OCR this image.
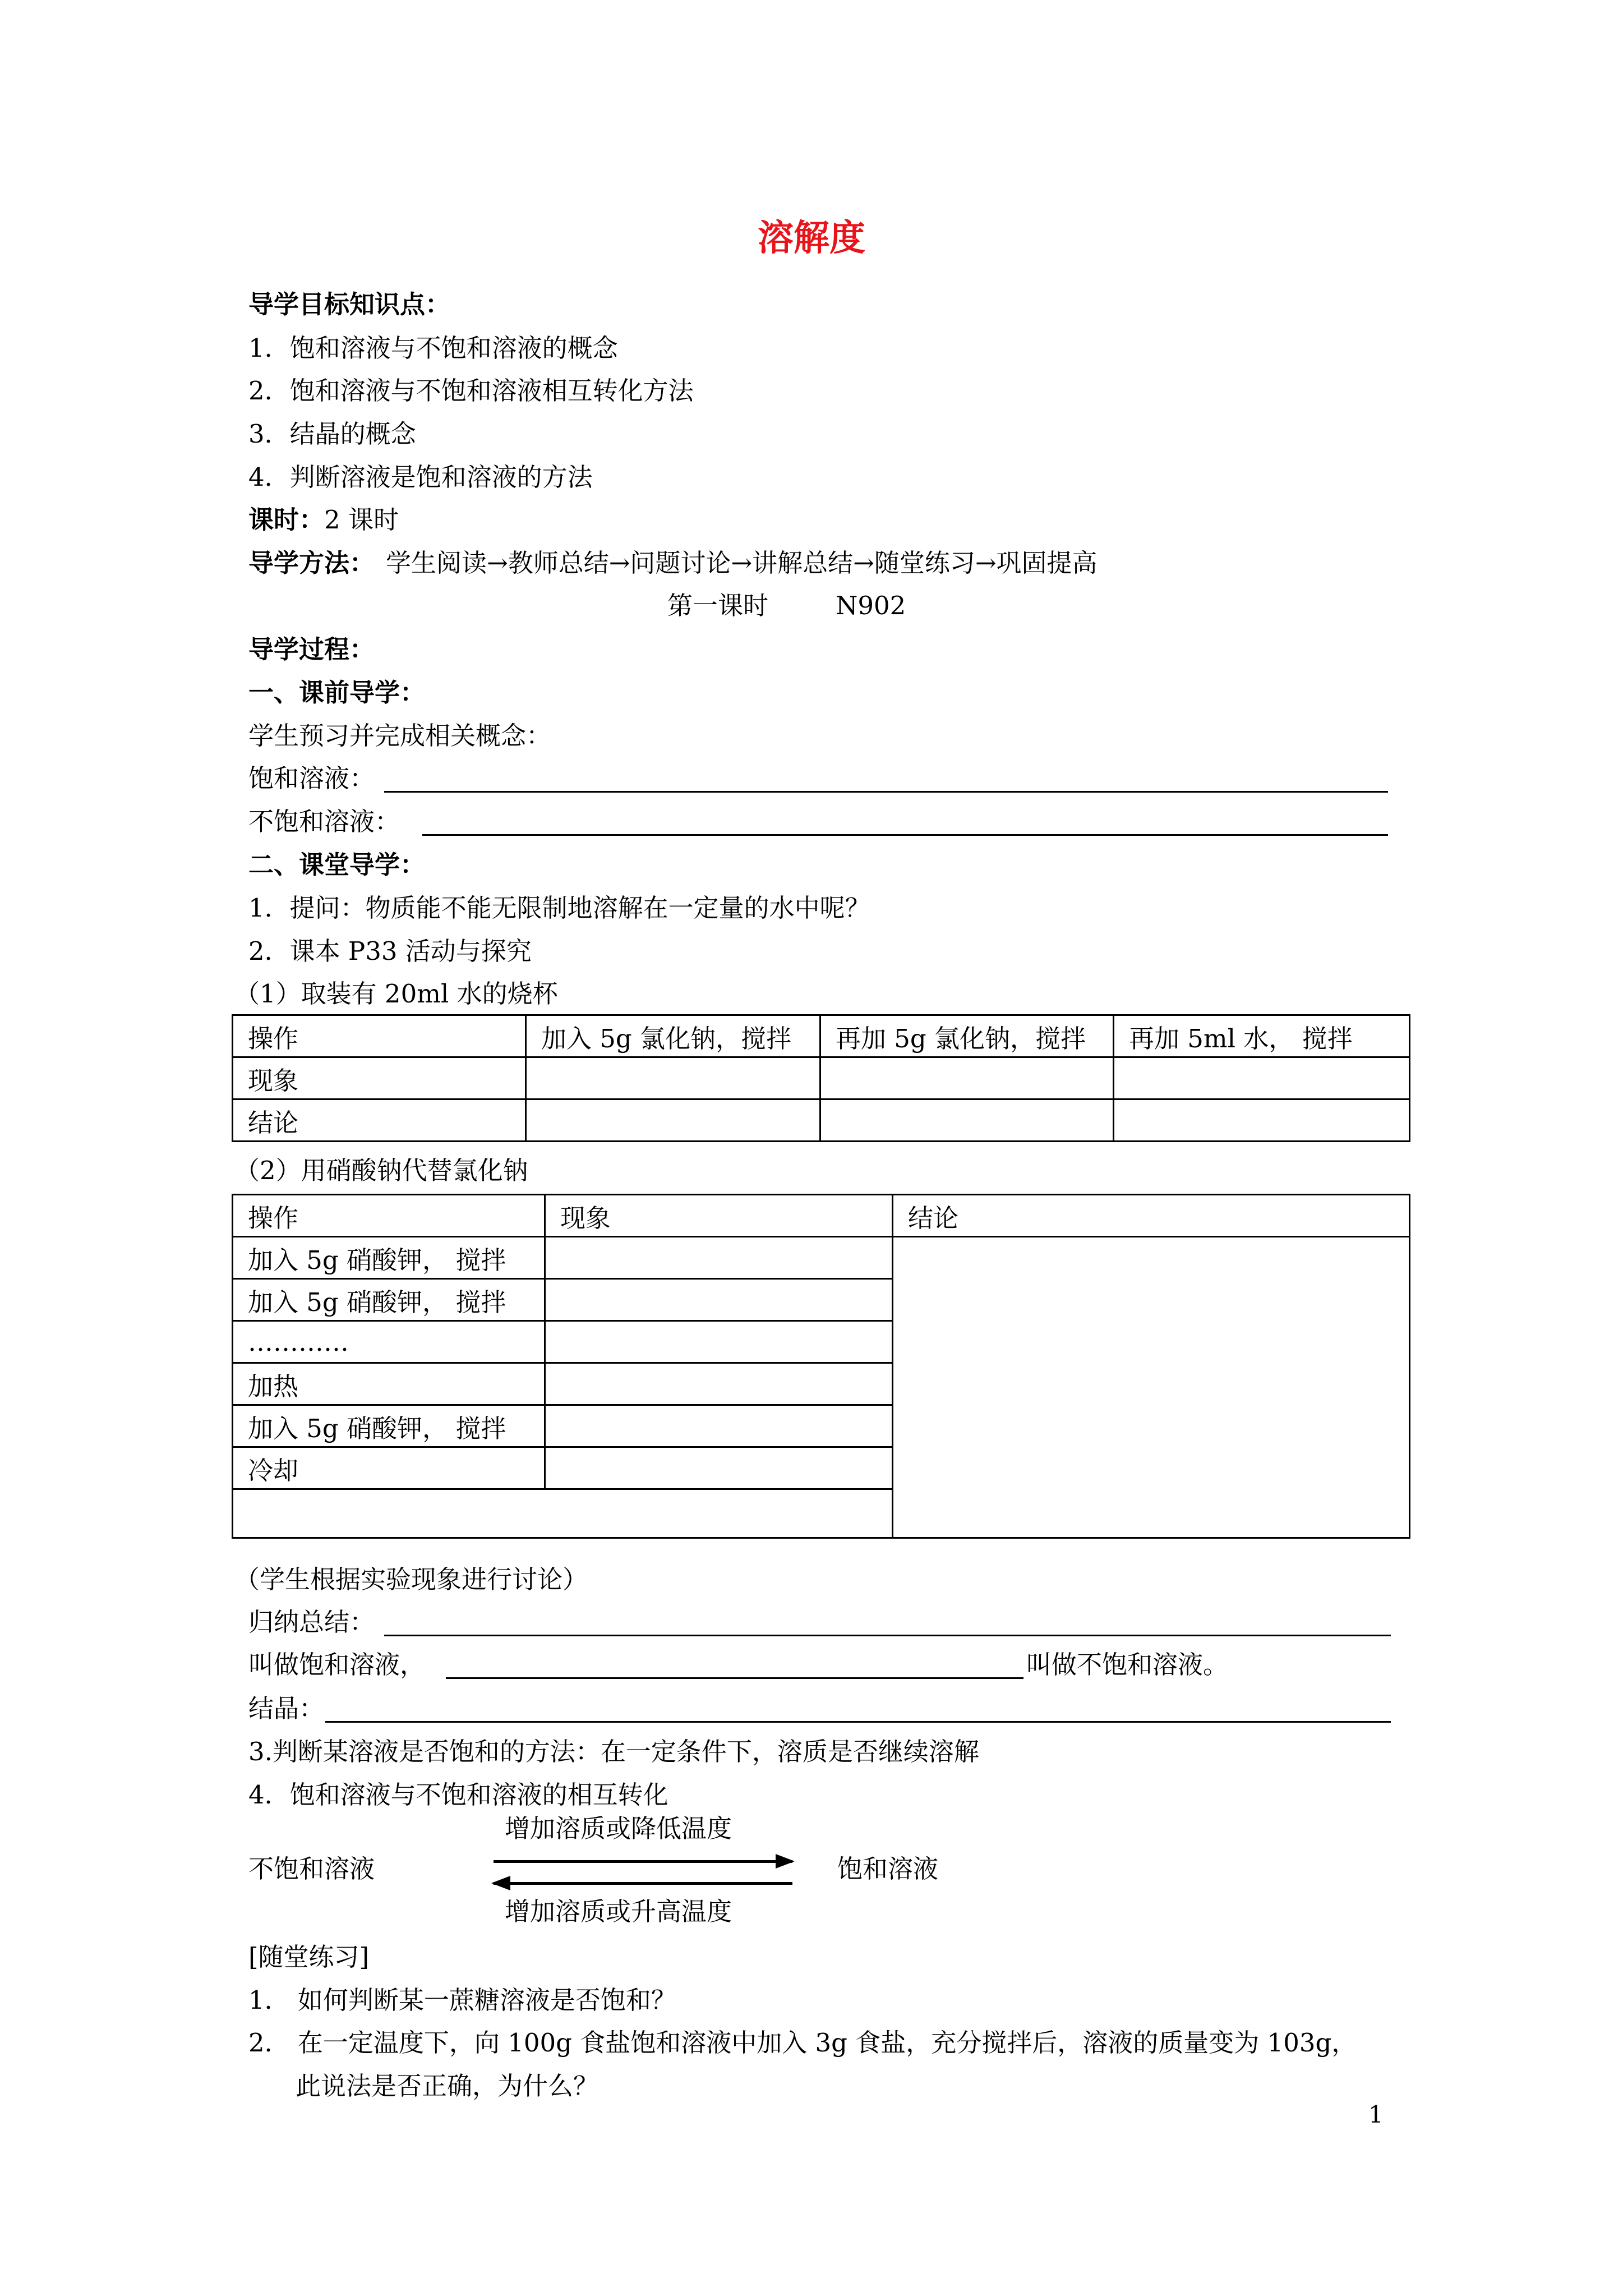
溶解度
导学目标知识点：
1．饱和溶液与不饱和溶液的概念
2．饱和溶液与不饱和溶液相互转化方法
3．结晶的概念
4．判断溶液是饱和溶液的方法
课时：2 课时
导学方法： 学生阅读→教师总结→问题讨论→讲解总结→随堂练习→巩固提高
第一课时	N902
导学过程：
一、课前导学：
学生预习并完成相关概念：
饱和溶液：
不饱和溶液：
二、课堂导学：
1．提问：物质能不能无限制地溶解在一定量的水中呢？
2．课本 P33 活动与探究
（1）取装有 20ml 水的烧杯
操作	加入 5g 氯化钠，搅拌	再加 5g 氯化钠，搅拌	再加 5ml 水， 搅拌
现象			
结论			
（2）用硝酸钠代替氯化钠
操作	现象	结论
加入 5g 硝酸钾， 搅拌		
加入 5g 硝酸钾， 搅拌		
…………		
加热		
加入 5g 硝酸钾， 搅拌		
冷却		

（学生根据实验现象进行讨论）
归纳总结：
叫做饱和溶液，	叫做不饱和溶液。
结晶：
3.判断某溶液是否饱和的方法：在一定条件下，溶质是否继续溶解
4．饱和溶液与不饱和溶液的相互转化
增加溶质或降低温度
不饱和溶液	饱和溶液
增加溶质或升高温度
[随堂练习]
1． 如何判断某一蔗糖溶液是否饱和？
2． 在一定温度下，向 100g 食盐饱和溶液中加入 3g 食盐，充分搅拌后，溶液的质量变为 103g，
此说法是否正确，为什么？
1
